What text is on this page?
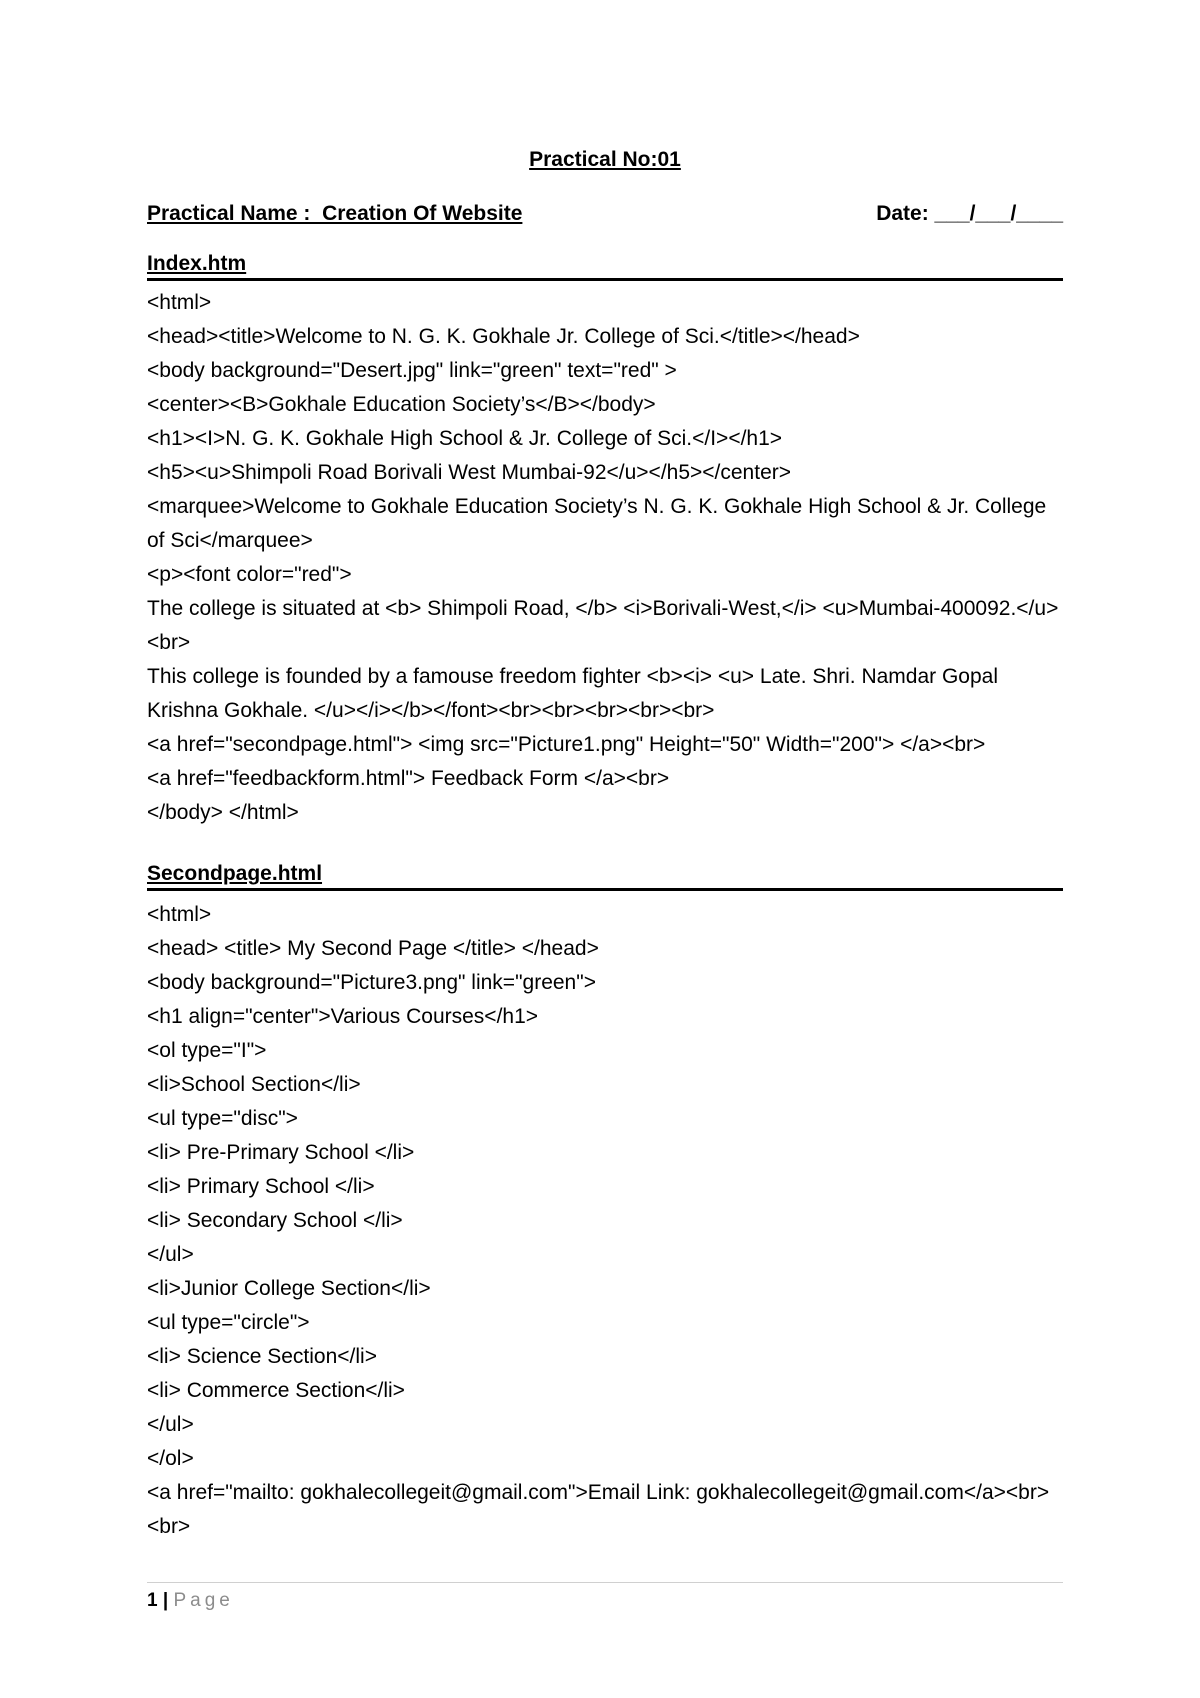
Practical No:01
Practical Name :  Creation Of Website	Date: ___/___/____
Index.htm
<html>
<head><title>Welcome to N. G. K. Gokhale Jr. College of Sci.</title></head>
<body background="Desert.jpg" link="green" text="red" >
<center><B>Gokhale Education Society’s</B></body>
<h1><I>N. G. K. Gokhale High School & Jr. College of Sci.</I></h1>
<h5><u>Shimpoli Road Borivali West Mumbai-92</u></h5></center>
<marquee>Welcome to Gokhale Education Society’s N. G. K. Gokhale High School & Jr. College of Sci</marquee>
<p><font color="red">
The college is situated at <b> Shimpoli Road, </b> <i>Borivali-West,</i> <u>Mumbai-400092.</u><br>
This college is founded by a famouse freedom fighter <b><i> <u> Late. Shri. Namdar Gopal Krishna Gokhale. </u></i></b></font><br><br><br><br><br>
<a href="secondpage.html"> <img src="Picture1.png" Height="50" Width="200"> </a><br>
<a href="feedbackform.html"> Feedback Form </a><br>
</body> </html>
Secondpage.html
<html>
<head> <title> My Second Page </title> </head>
<body background="Picture3.png" link="green">
<h1 align="center">Various Courses</h1>
<ol type="I">
<li>School Section</li>
<ul type="disc">
<li> Pre-Primary School </li>
<li> Primary School </li>
<li> Secondary School </li>
</ul>
<li>Junior College Section</li>
<ul type="circle">
<li> Science Section</li>
<li> Commerce Section</li>
</ul>
</ol>
<a href="mailto: gokhalecollegeit@gmail.com">Email Link: gokhalecollegeit@gmail.com</a><br><br>
1 | Page
